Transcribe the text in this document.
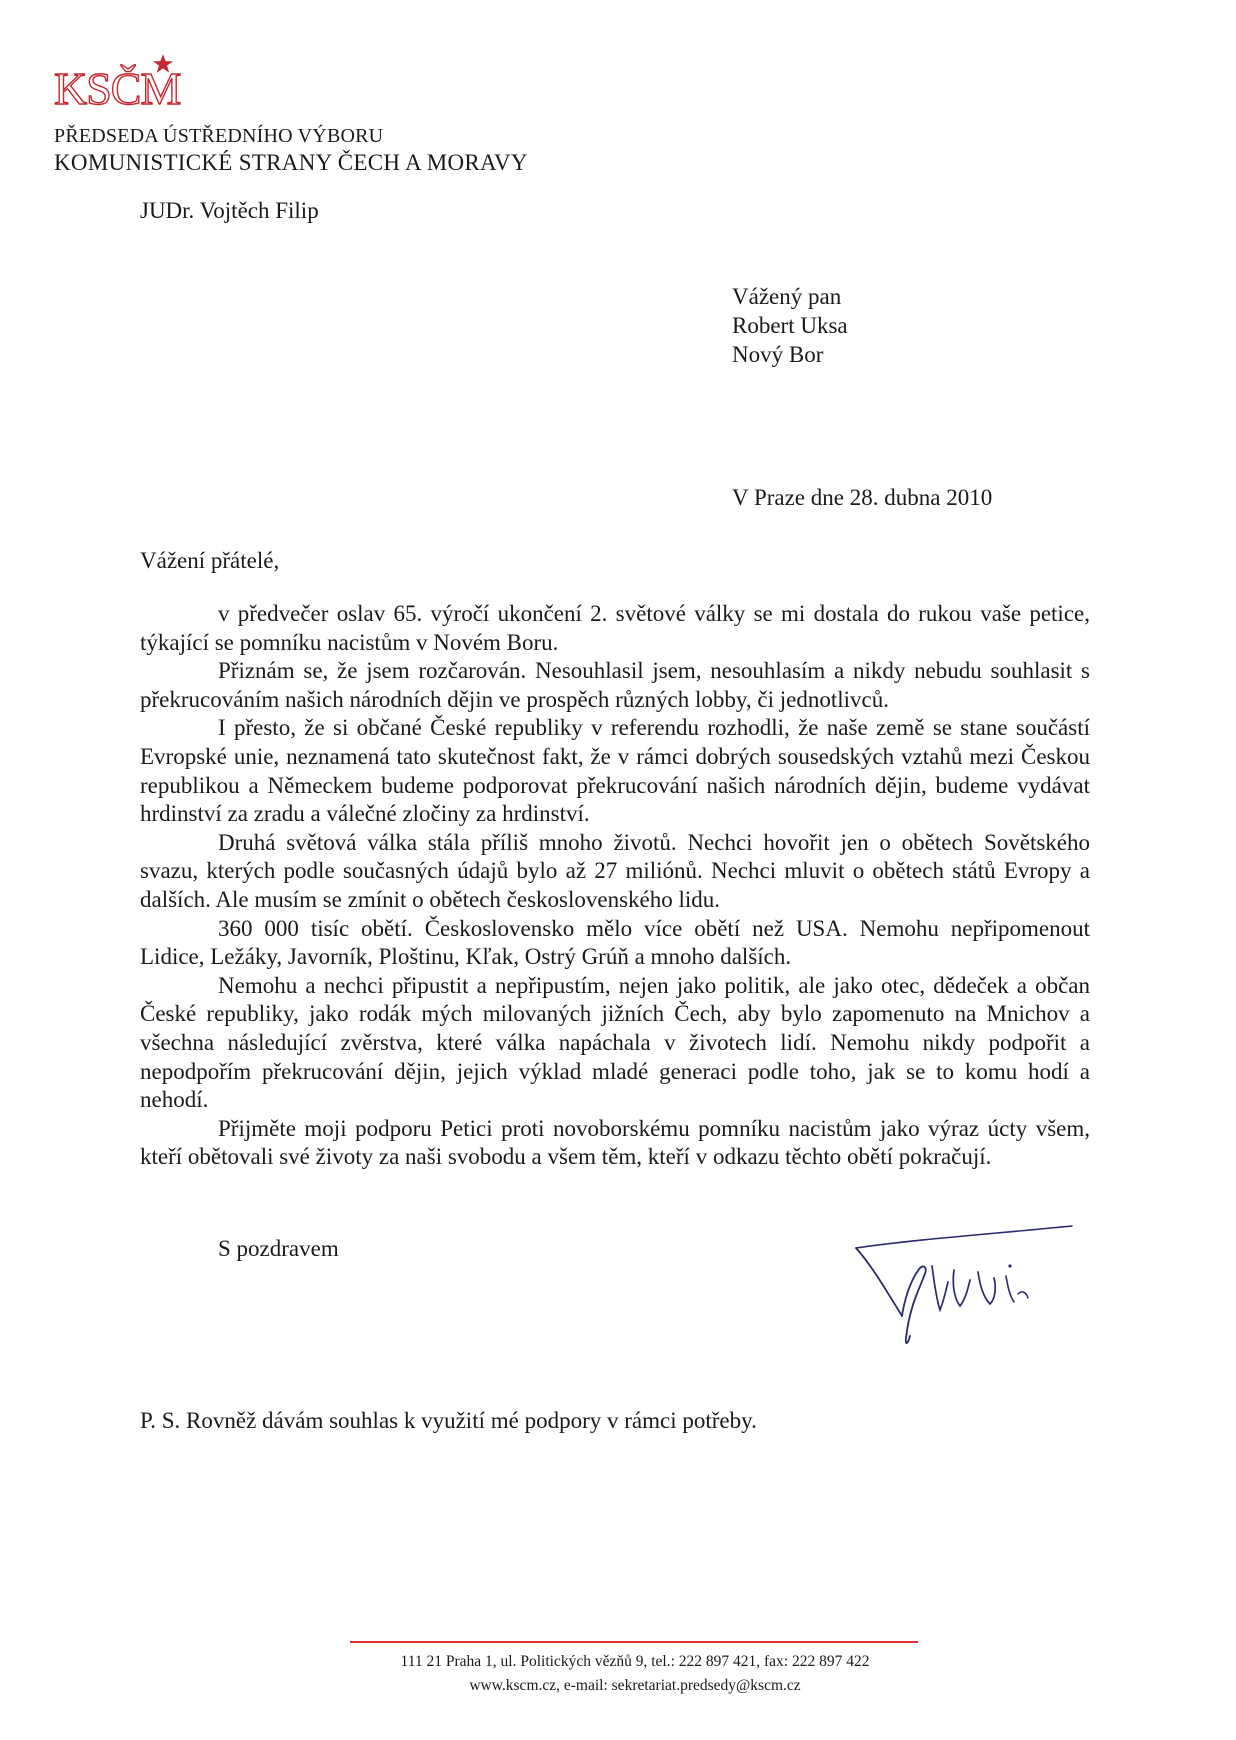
KSČM
PŘEDSEDA ÚSTŘEDNÍHO VÝBORU
KOMUNISTICKÉ STRANY ČECH A MORAVY
JUDr. Vojtěch Filip
Vážený pan
Robert Uksa
Nový Bor
V Praze dne 28. dubna 2010
Vážení přátelé,

v předvečer oslav 65. výročí ukončení 2. světové války se mi dostala do rukou vaše petice, týkající se pomníku nacistům v Novém Boru.

Přiznám se, že jsem rozčarován. Nesouhlasil jsem, nesouhlasím a nikdy nebudu souhlasit s překrucováním našich národních dějin ve prospěch různých lobby, či jednotlivců.

I přesto, že si občané České republiky v referendu rozhodli, že naše země se stane součástí Evropské unie, neznamená tato skutečnost fakt, že v rámci dobrých sousedských vztahů mezi Českou republikou a Německem budeme podporovat překrucování našich národních dějin, budeme vydávat hrdinství za zradu a válečné zločiny za hrdinství.

Druhá světová válka stála příliš mnoho životů. Nechci hovořit jen o obětech Sovětského svazu, kterých podle současných údajů bylo až 27 miliónů. Nechci mluvit o obětech států Evropy a dalších. Ale musím se zmínit o obětech československého lidu.

360 000 tisíc obětí. Československo mělo více obětí než USA. Nemohu nepřipomenout Lidice, Ležáky, Javorník, Ploštinu, Kľak, Ostrý Grúň a mnoho dalších.

Nemohu a nechci připustit a nepřipustím, nejen jako politik, ale jako otec, dědeček a občan České republiky, jako rodák mých milovaných jižních Čech, aby bylo zapomenuto na Mnichov a všechna následující zvěrstva, které válka napáchala v životech lidí. Nemohu nikdy podpořit a nepodpořím překrucování dějin, jejich výklad mladé generaci podle toho, jak se to komu hodí a nehodí.

Přijměte moji podporu Petici proti novoborskému pomníku nacistům jako výraz úcty všem, kteří obětovali své životy za naši svobodu a všem těm, kteří v odkazu těchto obětí pokračují.

S pozdravem
P. S. Rovněž dávám souhlas k využití mé podpory v rámci potřeby.
111 21 Praha 1, ul. Politických vězňů 9, tel.: 222 897 421, fax: 222 897 422
www.kscm.cz, e-mail: sekretariat.predsedy@kscm.cz
